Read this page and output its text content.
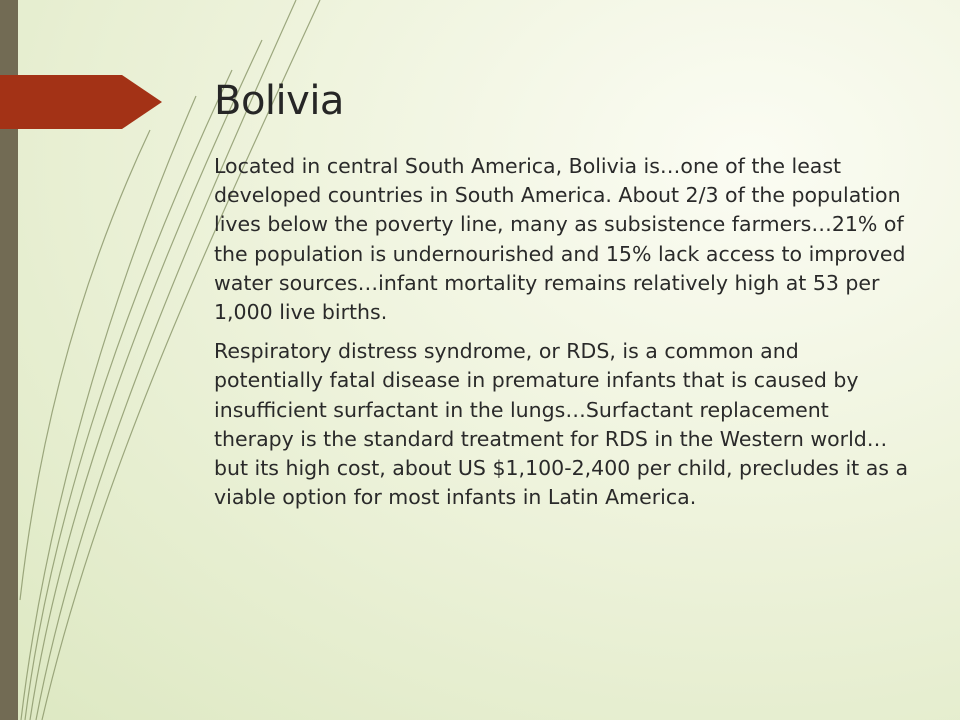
Bolivia

Located in central South America, Bolivia is…one of the least developed countries in South America. About 2/3 of the population lives below the poverty line, many as subsistence farmers…21% of the population is undernourished and 15% lack access to improved water sources…infant mortality remains relatively high at 53 per 1,000 live births.

Respiratory distress syndrome, or RDS, is a common and potentially fatal disease in premature infants that is caused by insufficient surfactant in the lungs…Surfactant replacement therapy is the standard treatment for RDS in the Western world…but its high cost, about US $1,100-2,400 per child, precludes it as a viable option for most infants in Latin America.
